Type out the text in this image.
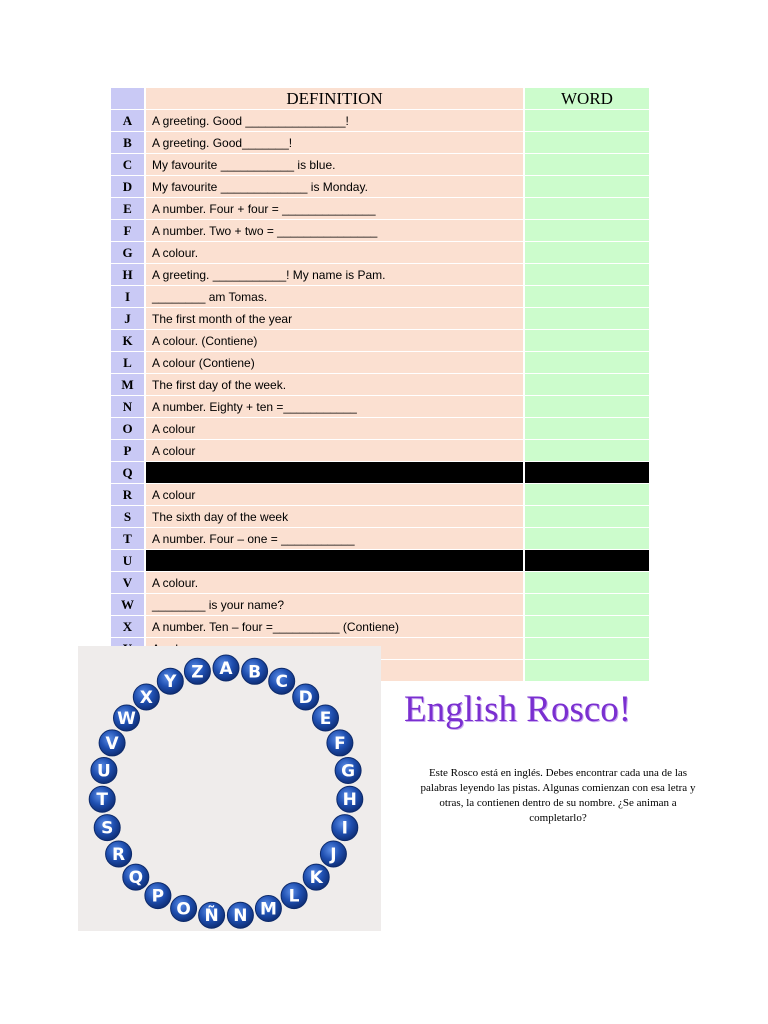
DEFINITION	WORD
A	A greeting. Good _______________!
B	A greeting. Good_______!
C	My favourite ___________ is blue.
D	My favourite _____________ is Monday.
E	A number. Four + four = ______________
F	A number. Two + two = _______________
G	A colour.
H	A greeting. ___________! My name is Pam.
I	________ am Tomas.
J	The first month of the year
K	A colour. (Contiene)
L	A colour (Contiene)
M	The first day of the week.
N	A number. Eighty + ten =___________
O	A colour
P	A colour
Q
R	A colour
S	The sixth day of the week
T	A number. Four – one = ___________
U
V	A colour.
W	________ is your name?
X	A number. Ten – four =__________ (Contiene)
A B C
D
E
F
G
H
I
J
K
L
M
N
Ñ
O
P
Q
R
S
T
U
V
W
X
Y Z
English Rosco!
Este Rosco está en inglés. Debes encontrar cada una de las palabras leyendo las pistas. Algunas comienzan con esa letra y otras, la contienen dentro de su nombre. ¿Se animan a completarlo?
